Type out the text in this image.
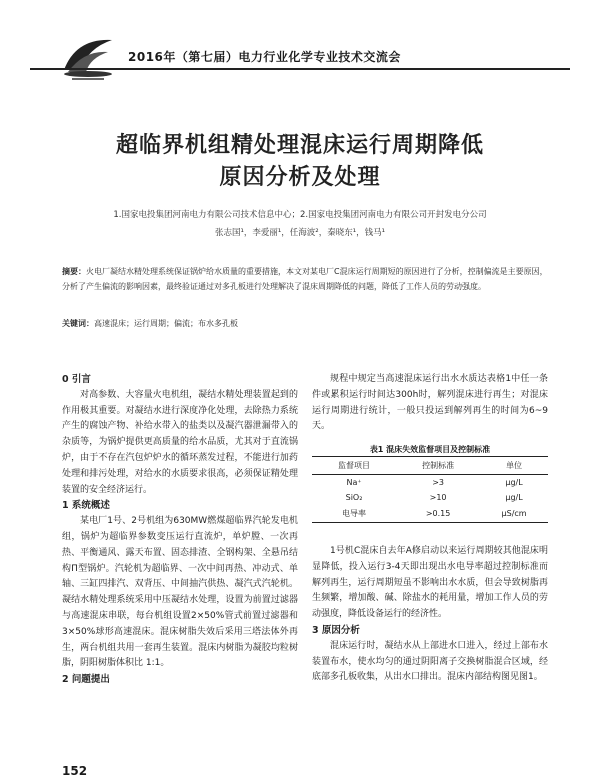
2016年（第七届）电力行业化学专业技术交流会
超临界机组精处理混床运行周期降低
原因分析及处理
1.国家电投集团河南电力有限公司技术信息中心；2.国家电投集团河南电力有限公司开封发电分公司
张志国¹，李爱丽¹，任海波²，秦晓东¹，钱马¹
摘要：火电厂凝结水精处理系统保证锅炉给水质量的重要措施，本文对某电厂C混床运行周期短的原因进行了分析，控制偏流是主要原因，分析了产生偏流的影响因素，最终验证通过对多孔板进行处理解决了混床周期降低的问题，降低了工作人员的劳动强度。
关键词：高速混床；运行周期；偏流；布水多孔板
0 引言

对高参数、大容量火电机组，凝结水精处理装置起到的作用极其重要。对凝结水进行深度净化处理，去除热力系统产生的腐蚀产物、补给水带入的盐类以及凝汽器泄漏带入的杂质等，为锅炉提供更高质量的给水品质，尤其对于直流锅炉，由于不存在汽包炉炉水的循环蒸发过程，不能进行加药处理和排污处理，对给水的水质要求很高，必须保证精处理装置的安全经济运行。

1 系统概述

某电厂1号、2号机组为630MW燃煤超临界汽轮发电机组，锅炉为超临界参数变压运行直流炉，单炉膛、一次再热、平衡通风、露天布置、固态排渣、全钢构架、全悬吊结构Π型锅炉。汽轮机为超临界、一次中间再热、冲动式、单轴、三缸四排汽、双背压、中间抽汽供热、凝汽式汽轮机。凝结水精处理系统采用中压凝结水处理，设置为前置过滤器与高速混床串联，每台机组设置2×50%管式前置过滤器和3×50%球形高速混床。混床树脂失效后采用三塔法体外再生，两台机组共用一套再生装置。混床内树脂为凝胶均粒树脂，阴阳树脂体积比 1:1。

2 问题提出

规程中规定当高速混床运行出水水质达表格1中任一条件或累积运行时间达300h时，解列混床进行再生；对混床运行周期进行统计，一般只投运到解列再生的时间为6~9天。

表1 混床失效监督项目及控制标准
监督项目	控制标准	单位
Na⁺	>3	μg/L
SiO₂	>10	μg/L
电导率	>0.15	μS/cm

1号机C混床自去年A修启动以来运行周期较其他混床明显降低，投入运行3-4天即出现出水电导率超过控制标准而解列再生，运行周期短虽不影响出水水质，但会导致树脂再生频繁，增加酸、碱、除盐水的耗用量，增加工作人员的劳动强度，降低设备运行的经济性。

3 原因分析

混床运行时，凝结水从上部进水口进入，经过上部布水装置布水，使水均匀的通过阴阳离子交换树脂混合区域，经底部多孔板收集，从出水口排出。混床内部结构图见图1。

152
